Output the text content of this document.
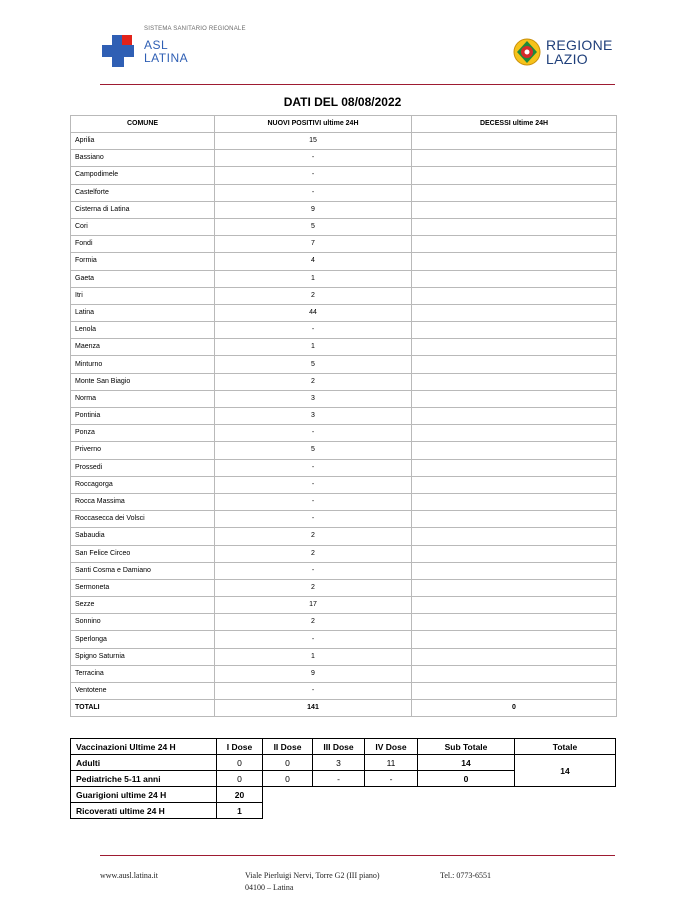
SISTEMA SANITARIO REGIONALE
ASL
LATINA
REGIONE
LAZIO
DATI DEL 08/08/2022
COMUNE	NUOVI POSITIVI ultime 24H	DECESSI ultime 24H
Aprilia	15	
Bassiano	-	
Campodimele	-	
Castelforte	-	
Cisterna di Latina	9	
Cori	5	
Fondi	7	
Formia	4	
Gaeta	1	
Itri	2	
Latina	44	
Lenola	-	
Maenza	1	
Minturno	5	
Monte San Biagio	2	
Norma	3	
Pontinia	3	
Ponza	-	
Priverno	5	
Prossedi	-	
Roccagorga	-	
Rocca Massima	-	
Roccasecca dei Volsci	-	
Sabaudia	2	
San Felice Circeo	2	
Santi Cosma e Damiano	-	
Sermoneta	2	
Sezze	17	
Sonnino	2	
Sperlonga	-	
Spigno Saturnia	1	
Terracina	9	
Ventotene	-	
TOTALI	141	0
Vaccinazioni Ultime 24 H	I Dose	II Dose	III Dose	IV Dose	Sub Totale	Totale
Adulti	0	0	3	11	14	14
Pediatriche 5-11 anni	0	0	-	-	0	
Guarigioni ultime 24 H	20					
Ricoverati ultime 24 H	1					
www.ausl.latina.it	Viale Pierluigi Nervi, Torre G2 (III piano)
04100 – Latina
Tel.: 0773-6551
